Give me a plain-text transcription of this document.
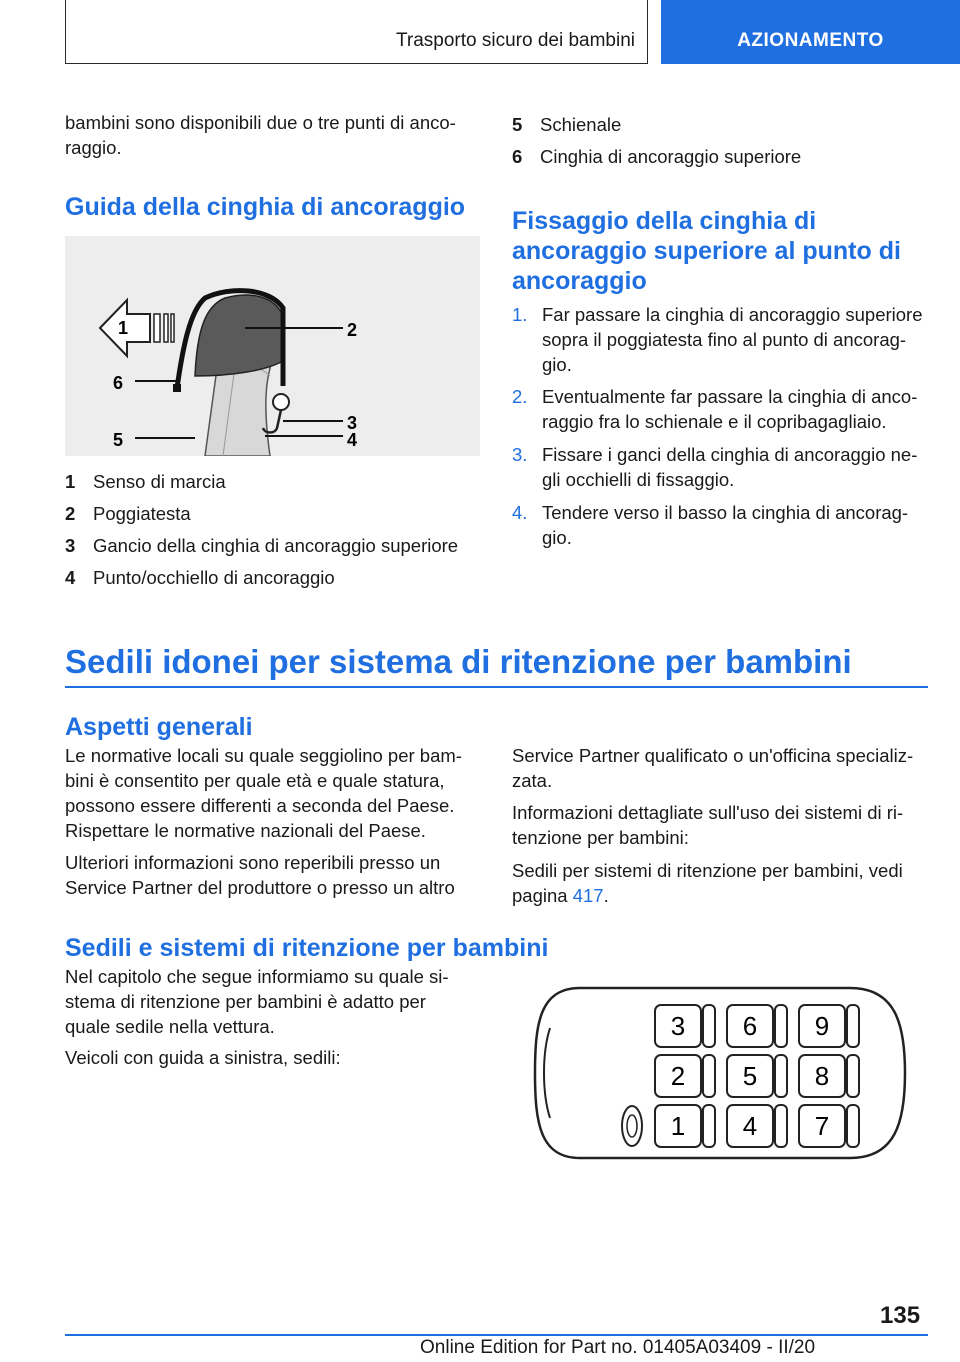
Trasporto sicuro dei bambini	AZIONAMENTO
bambini sono disponibili due o tre punti di anco-raggio.
Guida della cinghia di ancoraggio
1	2
3
4
5
6
1 Senso di marcia
2 Poggiatesta
3 Gancio della cinghia di ancoraggio superiore
4 Punto/occhiello di ancoraggio
5 Schienale
6 Cinghia di ancoraggio superiore
Fissaggio della cinghia di ancoraggio superiore al punto di ancoraggio
1. Far passare la cinghia di ancoraggio superiore sopra il poggiatesta fino al punto di ancorag-gio.
2. Eventualmente far passare la cinghia di anco-raggio fra lo schienale e il copribagagliaio.
3. Fissare i ganci della cinghia di ancoraggio ne-gli occhielli di fissaggio.
4. Tendere verso il basso la cinghia di ancorag-gio.
Sedili idonei per sistema di ritenzione per bambini
Aspetti generali
Le normative locali su quale seggiolino per bam-bini è consentito per quale età e quale statura, possono essere differenti a seconda del Paese. Rispettare le normative nazionali del Paese.
Ulteriori informazioni sono reperibili presso un Service Partner del produttore o presso un altro
Service Partner qualificato o un'officina specializ-zata.
Informazioni dettagliate sull'uso dei sistemi di ri-tenzione per bambini:
Sedili per sistemi di ritenzione per bambini, vedi pagina 417.
Sedili e sistemi di ritenzione per bambini
Nel capitolo che segue informiamo su quale si-stema di ritenzione per bambini è adatto per quale sedile nella vettura.
Veicoli con guida a sinistra, sedili:
3 6 9
2 5 8
1 4 7
135
Online Edition for Part no. 01405A03409 - II/20
